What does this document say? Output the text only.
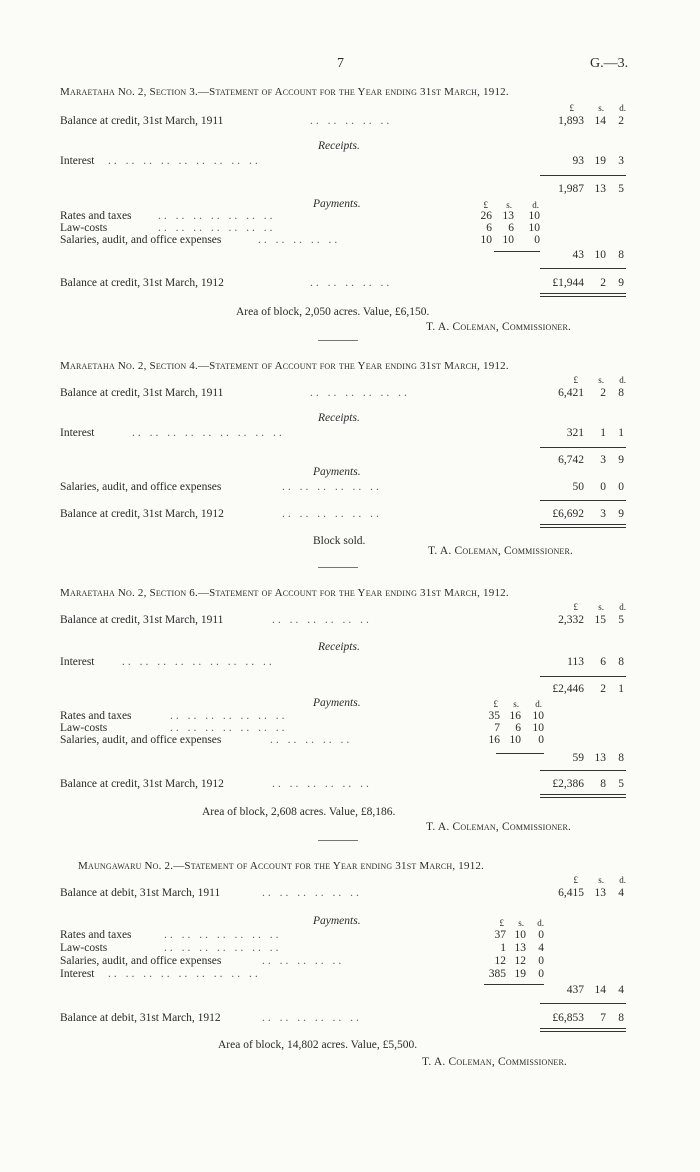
7	G.—3.
Maraetaha No. 2, Section 3.—Statement of Account for the Year ending 31st March, 1912.
£	s.	d.
Balance at credit, 31st March, 1911	.. .. .. .. ..	1,893 14	2
Receipts.
Interest .. .. .. .. .. .. .. .. ..	93 19	3
1,987 13	5
Payments.	£	s.	d.
Rates and taxes .. .. .. .. .. .. ..	26 13	10
Law-costs	.. .. .. .. .. .. ..	6	6	10
Salaries, audit, and office expenses	.. .. .. .. ..	10 10	0
43 10	8
Balance at credit, 31st March, 1912	.. .. .. .. ..	£1,944	2	9
Area of block, 2,050 acres. Value, £6,150.
T. A. Coleman, Commissioner.
Maraetaha No. 2, Section 4.—Statement of Account for the Year ending 31st March, 1912.
£	s.	d.
Balance at credit, 31st March, 1911	.. .. .. .. .. ..	6,421	2	8
Receipts.
Interest	.. .. .. .. .. .. .. .. ..	321	1	1
6,742	3	9
Payments.
Salaries, audit, and office expenses	.. .. .. .. .. ..	50	0	0
Balance at credit, 31st March, 1912	.. .. .. .. .. ..	£6,692	3	9
Block sold.
T. A. Coleman, Commissioner.
Maraetaha No. 2, Section 6.—Statement of Account for the Year ending 31st March, 1912.
£	s.	d.
Balance at credit, 31st March, 1911	.. .. .. .. .. ..	2,332 15	5
Receipts.
Interest .. .. .. .. .. .. .. .. ..	113	6	8
£2,446	2	1
Payments.	£	s.	d.
Rates and taxes	.. .. .. .. .. .. ..	35 16	10
Law-costs	.. .. .. .. .. .. ..	7	6	10
Salaries, audit, and office expenses	.. .. .. .. ..	16 10	0
59 13	8
Balance at credit, 31st March, 1912	.. .. .. .. .. ..	£2,386	8	5
Area of block, 2,608 acres. Value, £8,186.
T. A. Coleman, Commissioner.
Maungawaru No. 2.—Statement of Account for the Year ending 31st March, 1912.
£	s.	d.
Balance at debit, 31st March, 1911	.. .. .. .. .. ..	6,415 13	4
Payments.	£	s.	d.
Rates and taxes	.. .. .. .. .. .. ..	37 10	0
Law-costs	.. .. .. .. .. .. ..	1 13	4
Salaries, audit, and office expenses	.. .. .. .. ..	12 12	0
Interest .. .. .. .. .. .. .. .. ..	385 19	0
437 14	4
Balance at debit, 31st March, 1912	.. .. .. .. .. ..	£6,853	7	8
Area of block, 14,802 acres. Value, £5,500.
T. A. Coleman, Commissioner.
